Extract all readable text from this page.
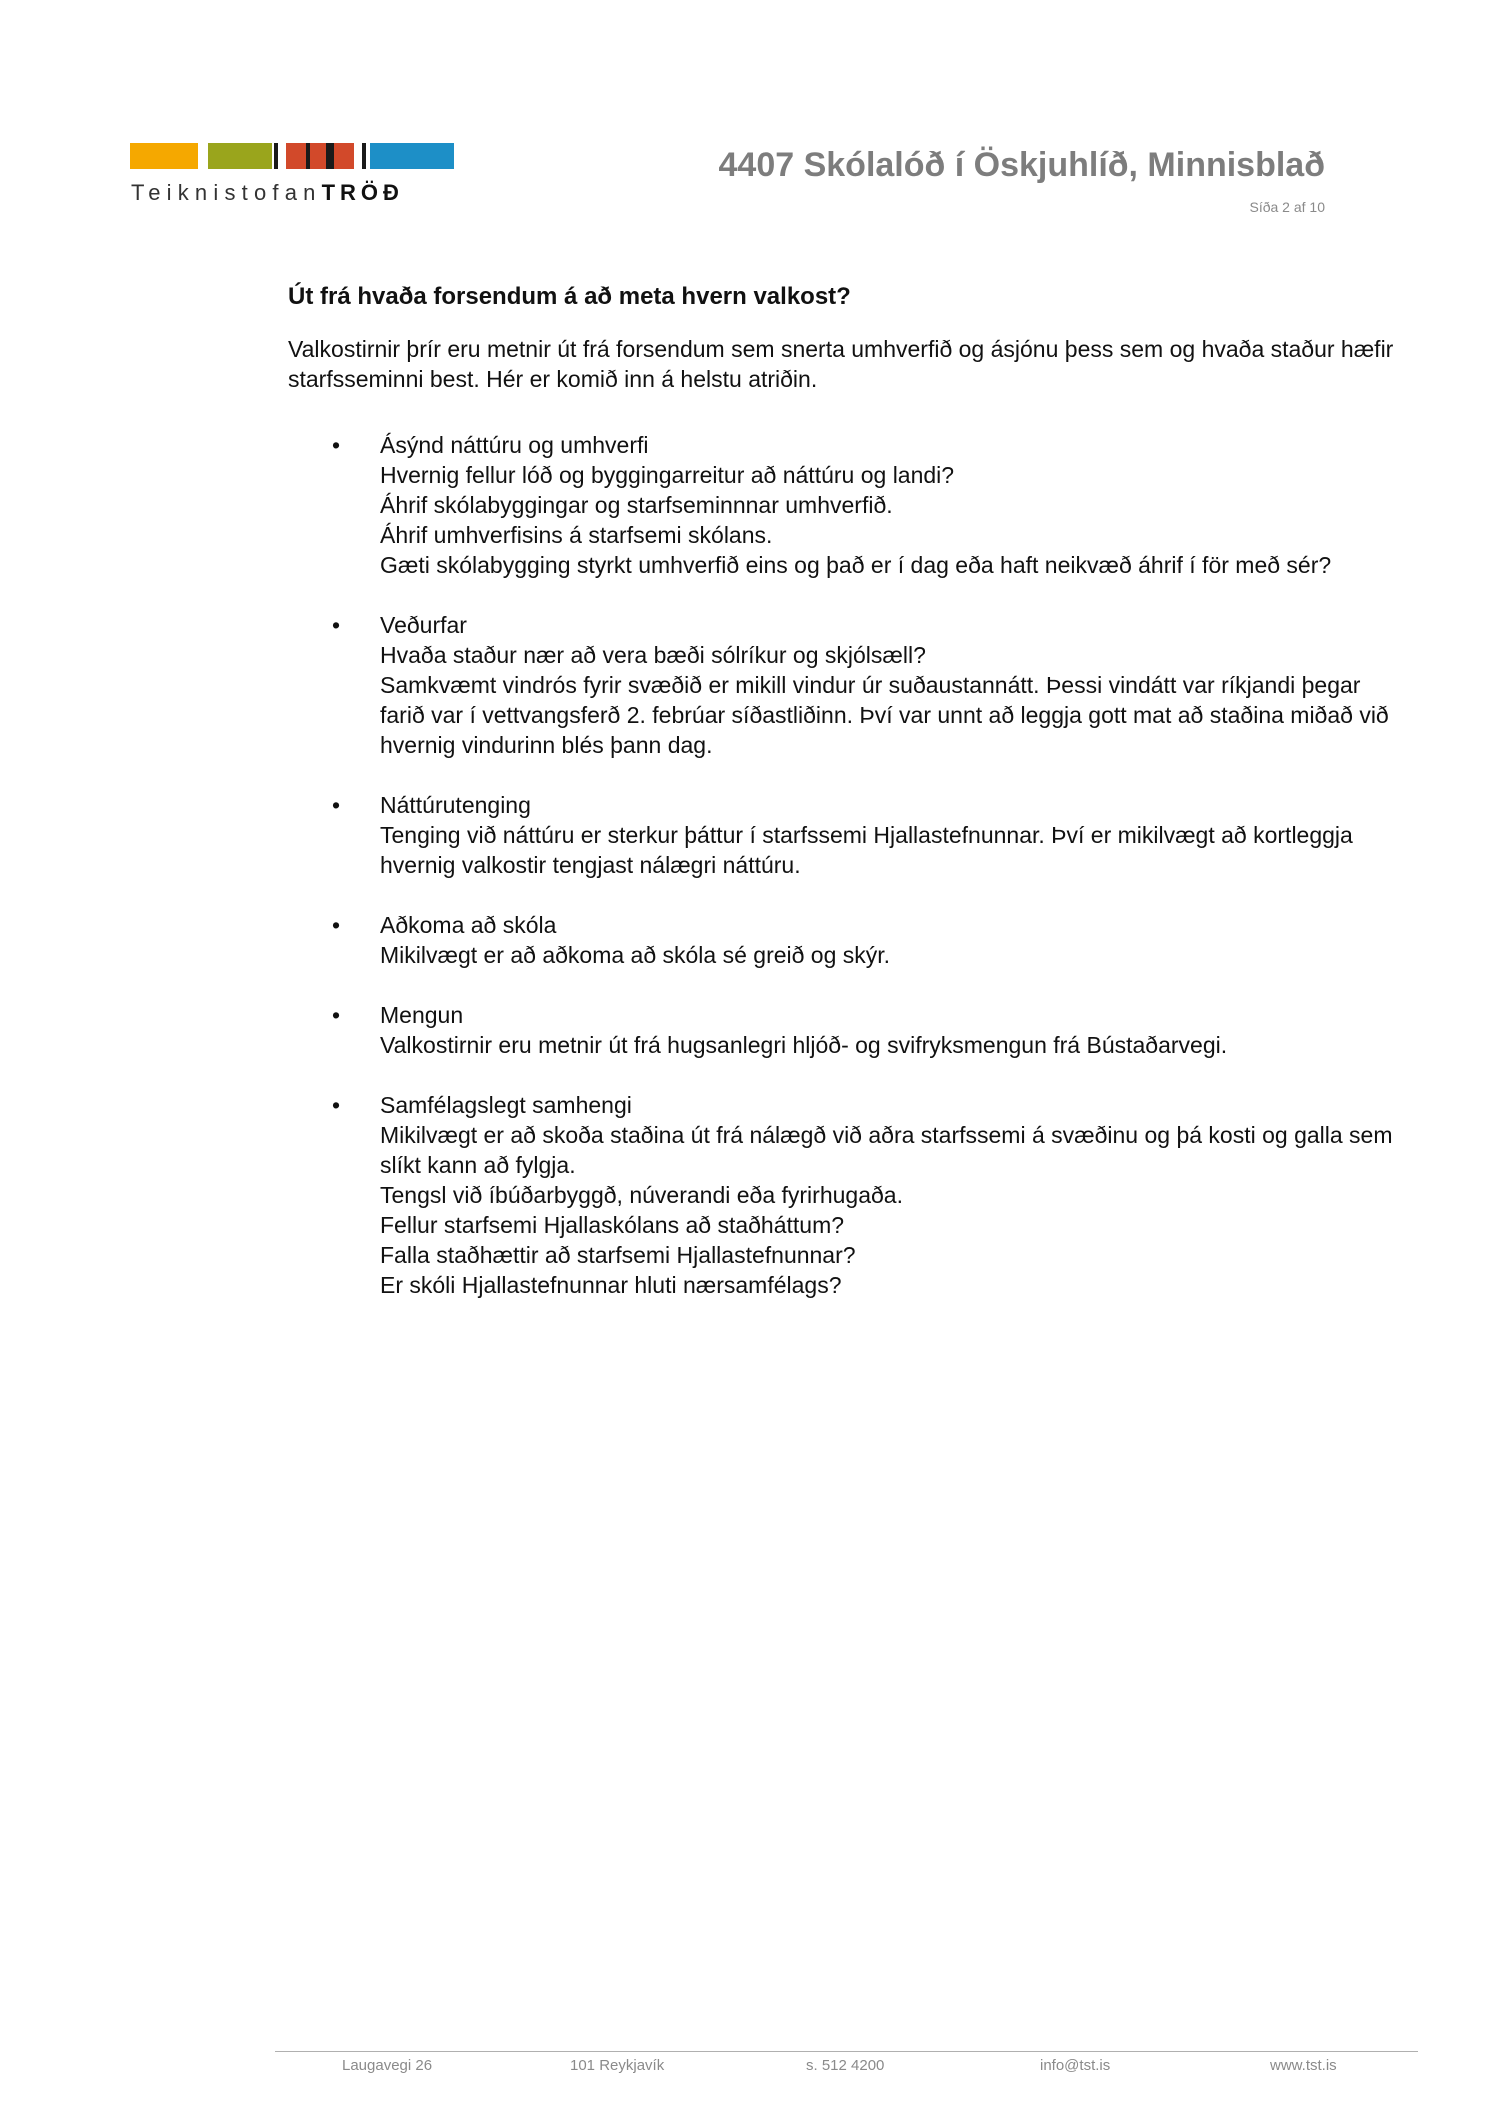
TeiknistofanTRÖÐ
4407 Skólalóð í Öskjuhlíð, Minnisblað
Síða 2 af 10
Út frá hvaða forsendum á að meta hvern valkost?
Valkostirnir þrír eru metnir út frá forsendum sem snerta umhverfið og ásjónu þess sem og hvaða staður hæfir starfsseminni best. Hér er komið inn á helstu atriðin.
• Ásýnd náttúru og umhverfi
Hvernig fellur lóð og byggingarreitur að náttúru og landi?
Áhrif skólabyggingar og starfseminnnar umhverfið.
Áhrif umhverfisins á starfsemi skólans.
Gæti skólabygging styrkt umhverfið eins og það er í dag eða haft neikvæð áhrif í för með sér?
• Veðurfar
Hvaða staður nær að vera bæði sólríkur og skjólsæll?
Samkvæmt vindrós fyrir svæðið er mikill vindur úr suðaustannátt. Þessi vindátt var ríkjandi þegar farið var í vettvangsferð 2. febrúar síðastliðinn. Því var unnt að leggja gott mat að staðina miðað við hvernig vindurinn blés þann dag.
• Náttúrutenging
Tenging við náttúru er sterkur þáttur í starfssemi Hjallastefnunnar. Því er mikilvægt að kortleggja hvernig valkostir tengjast nálægri náttúru.
• Aðkoma að skóla
Mikilvægt er að aðkoma að skóla sé greið og skýr.
• Mengun
Valkostirnir eru metnir út frá hugsanlegri hljóð- og svifryksmengun frá Bústaðarvegi.
• Samfélagslegt samhengi
Mikilvægt er að skoða staðina út frá nálægð við aðra starfssemi á svæðinu og þá kosti og galla sem slíkt kann að fylgja.
Tengsl við íbúðarbyggð, núverandi eða fyrirhugaða.
Fellur starfsemi Hjallaskólans að staðháttum?
Falla staðhættir að starfsemi Hjallastefnunnar?
Er skóli Hjallastefnunnar hluti nærsamfélags?
Laugavegi 26	101 Reykjavík	s. 512 4200	info@tst.is	www.tst.is
